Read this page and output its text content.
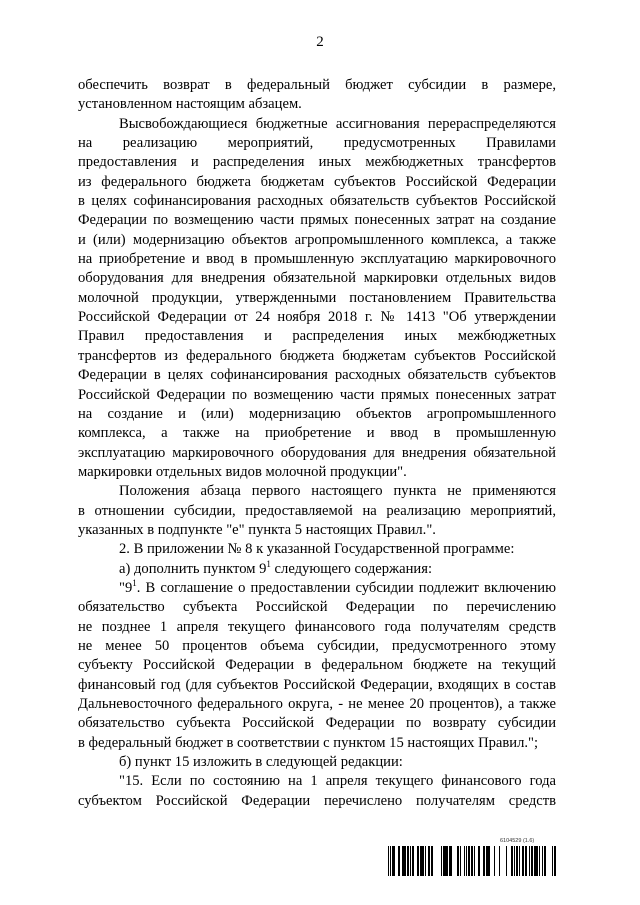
2
обеспечить возврат в федеральный бюджет субсидии в размере,
установленном настоящим абзацем.
Высвобождающиеся бюджетные ассигнования перераспределяются
на реализацию мероприятий, предусмотренных Правилами
предоставления и распределения иных межбюджетных трансфертов
из федерального бюджета бюджетам субъектов Российской Федерации
в целях софинансирования расходных обязательств субъектов Российской
Федерации по возмещению части прямых понесенных затрат на создание
и (или) модернизацию объектов агропромышленного комплекса, а также
на приобретение и ввод в промышленную эксплуатацию маркировочного
оборудования для внедрения обязательной маркировки отдельных видов
молочной продукции, утвержденными постановлением Правительства
Российской Федерации от 24 ноября 2018 г. № 1413 "Об утверждении
Правил предоставления и распределения иных межбюджетных
трансфертов из федерального бюджета бюджетам субъектов Российской
Федерации в целях софинансирования расходных обязательств субъектов
Российской Федерации по возмещению части прямых понесенных затрат
на создание и (или) модернизацию объектов агропромышленного
комплекса, а также на приобретение и ввод в промышленную
эксплуатацию маркировочного оборудования для внедрения обязательной
маркировки отдельных видов молочной продукции".
Положения абзаца первого настоящего пункта не применяются
в отношении субсидии, предоставляемой на реализацию мероприятий,
указанных в подпункте "е" пункта 5 настоящих Правил.".
2. В приложении № 8 к указанной Государственной программе:
а) дополнить пунктом $9^1$ следующего содержания:
"$9^1$. В соглашение о предоставлении субсидии подлежит включению
обязательство субъекта Российской Федерации по перечислению
не позднее 1 апреля текущего финансового года получателям средств
не менее 50 процентов объема субсидии, предусмотренного этому
субъекту Российской Федерации в федеральном бюджете на текущий
финансовый год (для субъектов Российской Федерации, входящих в состав
Дальневосточного федерального округа, - не менее 20 процентов), а также
обязательство субъекта Российской Федерации по возврату субсидии
в федеральный бюджет в соответствии с пунктом 15 настоящих Правил.";
б) пункт 15 изложить в следующей редакции:
"15. Если по состоянию на 1 апреля текущего финансового года
субъектом Российской Федерации перечислено получателям средств
6104529 (1.6)
